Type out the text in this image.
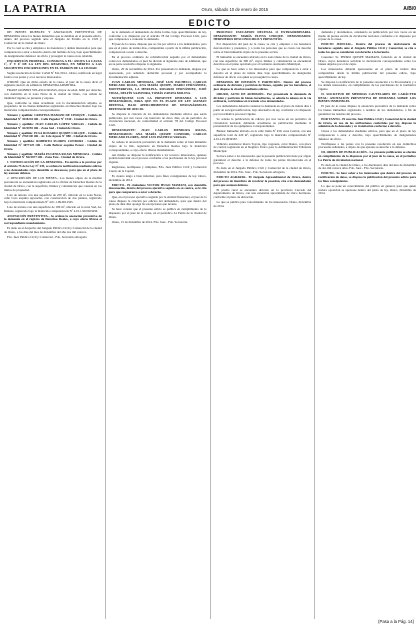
LA PATRIA	Oruro, sábado 10 de enero de 2015	A/B/0
EDICTO

DE: BIENES MUEBLES: Y ANOTACIÓN PREVENTIVA DE DEMANDA sobre los bienes inmuebles que se detallan en el presente edicto, dentro del proceso seguido ante el Juzgado de Partido en lo Civil y Comercial de la ciudad de Oruro.

Por lo cual se cita y emplaza a los herederos y demás interesados para que comparezcan a estar a derecho dentro del término de ley, bajo apercibimiento de designárseles defensor de oficio y proseguir la causa en su rebeldía.

INSCRIPCIÓN PRIMERA.- CONSIGNA A EL: ANOTA LA CAUSA 1º, 3º Y 6º DE LA LEY DEL REGISTRO, EN MÉRITO A LAS SIGUIENTES INSCRIPCIONES EN EL PADRÓN DE LA CIUDAD:

Según resolución de fecha: CASO Nº 811/2014 - Oruro, notificado en legal forma a las partes y a los terceros interesados.

OTROSÍ: Que en dicho estado de la causa, el juez de la causa dictó el siguiente decreto de admisión: DEMANDA ADMITIDA.

FRANZ GILBERT VELASCO ROJAS, mayor de edad, hábil por derecho, con domicilio en la zona Norte de la ciudad de Oruro, con cédula de identidad vigente, se presenta y expone.

Que, conforme se tiene acreditado con la documentación adjunta, es propietario de los bienes inmuebles registrados en Derechos Reales bajo las matrículas computarizadas correspondientes.

Número y apellido: CRISTINA MAMANI DE CHOQUE - Cédula de Identidad Nº 3518244 OR - Calle Pagador Nº 1540 - Ciudad de Oruro.

Número y apellido: JUAN CARLOS LÓPEZ VARGAS - Cédula de Identidad Nº 4221055 OR - Zona Sud - Ciudad de Oruro.

Número y apellido: ELSA ROSARIO QUISPE COLQUE - Cédula de Identidad Nº 2763140 OR - Av. 6 de Agosto Nº 880 - Ciudad de Oruro.

Número y apellido: ROBERTO FLORES CONDORI - Cédula de Identidad Nº 3077125 OR - Calle Bolívar esquina Potosí - Ciudad de Oruro.

Número y apellido: MARÍA EUGENIA ROJAS MENDOZA - Cédula de Identidad Nº 5021877 OR - Zona Este - Ciudad de Oruro.

1. NOTIFICACIÓN DE LA DEMANDA.- En mérito a lo previsto por el artículo 75 de la Ley Nº 439, se ordena la notificación mediante edictos a los demandados cuyo domicilio se desconoce, para que en el plazo de ley asuman defensa.

2. DESCRIPCIÓN DE LOS BIENES.- Los bienes objeto de la medida precautoria se encuentran registrados en la oficina de Derechos Reales de la ciudad de Oruro, con la superficie, límites y colindancias que constan en los títulos de propiedad.

Lote de terreno con una superficie de 250 m², ubicado en la zona Norte, calle Caro esquina Ayacucho, con construcción de dos plantas, registrado bajo la matrícula computarizada Nº 4.01.1.99.0012345.

Lote de terreno con una superficie de 180 m², ubicado en la zona Sud, Av. Dehene, registrado bajo la matrícula computarizada Nº 4.01.1.99.0023456.

ANOTACIÓN PREVENTIVA.- Se ordena la anotación preventiva de la demanda en el registro de Derechos Reales, a cuyo efecto líbrese el correspondiente mandamiento.

Es dado en el despacho del Juzgado Público Civil y Comercial de la ciudad de Oruro, a los días del mes de diciembre del año dos mil catorce.

Fdo. Juez Público Civil y Comercial - Fdo. Secretario Abogado.

de la demanda al demandado de dicha forma, bajo apercibimiento de ley, conforme a lo dispuesto por el artículo 78 del Código Procesal Civil, para que comparezca a contestar la demanda.

El juez de la causa, dispone que se cite por edictos a los demandados, para que en el plazo de treinta días, computables a partir de la última publicación, comparezcan a estar a derecho.

En el proceso ordinario de reivindicación seguido por el demandante contra los demandados, el juez ha dictado el siguiente auto de admisión, que en su parte resolutiva dispone lo siguiente.

Oruro, 20 de noviembre de 2014. Por presentada la demanda, téngase por apersonado, por señalado domicilio procesal y por acompañada la documentación adjunta.

JUAN CARLOS MENDOZA, JOSÉ LUIS PACHECO, CARLOS MERCADO ROJAS, ANA MARÍA QUISPE, MARIO FERNÁNDEZ, MONTERRIVAS, LA MERLINA, ROSARIO FERNÁNDEZ, JOSÉ VIDAL, DELFÍN SAAVEDRA, TOMÁS ZAPATA MOLINA.

NOTIFÍQUESE CON LA PRESENTE DEMANDA A LOS DEMANDADOS, PARA QUE EN EL PLAZO DE LEY ASUMAN DEFENSA, BAJO APERCIBIMIENTO DE DESIGNÁRSELES DEFENSOR DE OFICIO.

Se dispone la citación de los demandados mediante edictos que serán publicados por tres veces con intervalo de cinco días, en un periódico de circulación nacional, de conformidad al artículo 78 del Código Procesal Civil.

DEMANDANTE: JUAN CARLOS MENDOZA ROJAS, DEMANDADOS: ANA MARÍA QUISPE CONDORI, CARLOS MERCADO FLORES, JOSÉ LUIS PACHECO VARGAS.

Se ordena la anotación preventiva de la demanda sobre el bien inmueble objeto de la litis, registrado en Derechos Reales bajo la matrícula correspondiente, a cuyo efecto líbrese mandamiento.

Así mismo se dispone la notificación a los terceros interesados, quienes podrán intervenir en el proceso conforme a las previsiones de la ley procesal vigente.

Regístrese, notifíquese y cúmplase. Fdo. Juez Público Civil y Comercial Cuarto de la Capital.

Es cuanto tengo a bien informar, para fines consiguientes de ley. Oruro, diciembre de 2014.

EDICTO.- El ciudadano VICTOR HUGO MAMANI, con domicilio desconocido, dentro del proceso ejecutivo seguido en su contra, se le cita para que comparezca a estar a derecho.

Que, en el proceso ejecutivo seguido por la entidad financiera, el juez de la causa dispuso la citación por edictos del demandado, para que dentro del plazo de diez días oponga las excepciones que tuviere.

Se hace constar que el presente edicto se publica en cumplimiento de lo dispuesto por el juez de la causa, en el periódico La Patria de la ciudad de Oruro.

Oruro, 15 de diciembre de 2014. Fdo. Juez - Fdo. Secretaria.

PROCESO: USUCAPIÓN DECENAL O EXTRAORDINARIA. DEMANDANTE: MARÍA ELENA CHOQUE. DEMANDADOS: HEREDEROS DESCONOCIDOS Y PRESUNTOS.

Por disposición del juez de la causa, se cita y emplaza a los herederos desconocidos y presuntos, y a todas las personas que se crean con derecho sobre el bien inmueble objeto de la presente acción.

El inmueble se encuentra ubicado en la zona Oeste de la ciudad de Oruro, con una superficie de 300 m², cuyos límites y colindancias se encuentran descritos en el plano aprobado por el Gobierno Autónomo Municipal.

Lo que se hace saber a los interesados para que comparezcan a estar a derecho en el plazo de treinta días, bajo apercibimiento de designarles defensor de oficio con quien se proseguirá la causa.

DEMANDA DE DIVISIÓN Y PARTICIÓN.- Dentro del proceso ordinario de división y partición de bienes, seguido por los herederos, el juez dispuso la citación mediante edictos.

ORURO, AUTO DE ADMISIÓN.- Por presentada la demanda de división y partición de bienes hereditarios, se admite la misma en la vía ordinaria, corriéndose en traslado a los demandados.

Los demandados deberán contestar la demanda en el plazo de treinta días a partir de su legal notificación, bajo alternativa de ley, conforme a lo dispuesto por la normativa procesal vigente.

Se ordena la publicación de edictos por tres veces en un periódico de circulación nacional, debiendo acreditarse su publicación mediante la presentación de los ejemplares correspondientes.

Bienes: Inmueble ubicado en la calle Junín Nº 450, zona Central, con una superficie total de 420 m², registrado bajo la matrícula computarizada Nº 4.01.1.01.0034567.

Vehículo automotor marca Toyota, tipo vagoneta, color blanco, con placa de control registrada en el Registro Único para la Administración Tributaria Municipal.

Se hace saber a los interesados que la presente publicación tiene por objeto garantizar el derecho a la defensa de todas las partes involucradas en el proceso.

Es dado en el Juzgado Público Civil y Comercial de la ciudad de Oruro, diciembre de 2014. Fdo. Juez - Fdo. Secretario Abogado.

EDICTO AGRARIO.- El Juzgado Agroambiental de Oruro, dentro del proceso de interdicto de recobrar la posesión, cita a los demandados para que asuman defensa.

El predio rural se encuentra ubicado en la provincia Cercado del departamento de Oruro, con una extensión aproximada de cinco hectáreas, conforme al plano de ubicación.

Lo que se publica para conocimiento de los interesados. Oruro, diciembre de 2014.

demanda y documentos, ordenando su publicación por tres veces en un medio de prensa escrita de circulación nacional, conforme a lo dispuesto por el juez de la causa.

EDICTO JUDICIAL.- Dentro del proceso de declaratoria de herederos seguido ante el Juzgado Público Civil y Comercial, se cita a todos los que se consideren con derecho a la herencia.

Causante: Sr. PEDRO QUISPE MAMANI, fallecido en la ciudad de Oruro, cuyos herederos solicitan la declaratoria correspondiente sobre los bienes dejados por el de cujus.

Los interesados deberán apersonarse en el plazo de treinta días computables desde la última publicación del presente edicto, bajo apercibimiento de ley.

Se dispone la notificación de la presente resolución a la Procuraduría y a los demás interesados, en cumplimiento de las previsiones de la normativa vigente.

II. SOLICITUD DE MEDIDAS CAUTELARES DE CARÁCTER REAL: ANOTACIÓN PREVENTIVA DE DEMANDA SOBRE LOS BIENES INMUEBLES.

El juez de la causa dispuso la anotación preventiva de la demanda sobre los bienes inmuebles registrados a nombre de los demandados, a fin de garantizar las resultas del proceso.

POR TANTO.- El suscrito Juez Público Civil y Comercial de la ciudad de Oruro, en uso de las atribuciones conferidas por ley, dispone la admisión de la demanda y su tramitación conforme a derecho.

Cítese a los demandados mediante edictos, para que en el plazo de ley comparezcan a estar a derecho, bajo apercibimiento de designárseles defensor de oficio.

Notifíquese a las partes con la presente resolución en sus domicilios procesales señalados, a objeto de que ejerzan su derecho a la defensa.

III. ORDEN DE PUBLICACIÓN.- La presente publicación se efectúa en cumplimiento de lo dispuesto por el juez de la causa, en el periódico La Patria de circulación nacional.

Es dado en la ciudad de Oruro, a los diecinueve días del mes de diciembre de dos mil catorce años. Fdo. Juez - Fdo. Secretario.

EDICTO.- Se hace saber a los interesados que dentro del proceso de rectificación de datos, se dispuso la publicación del presente edicto para los fines consiguientes.

Lo que se pone en conocimiento del público en general, para que quien tuviere oposición se apersone dentro del plazo de ley. Oruro, diciembre de 2014.

(Pasa a la Pág. 14)
